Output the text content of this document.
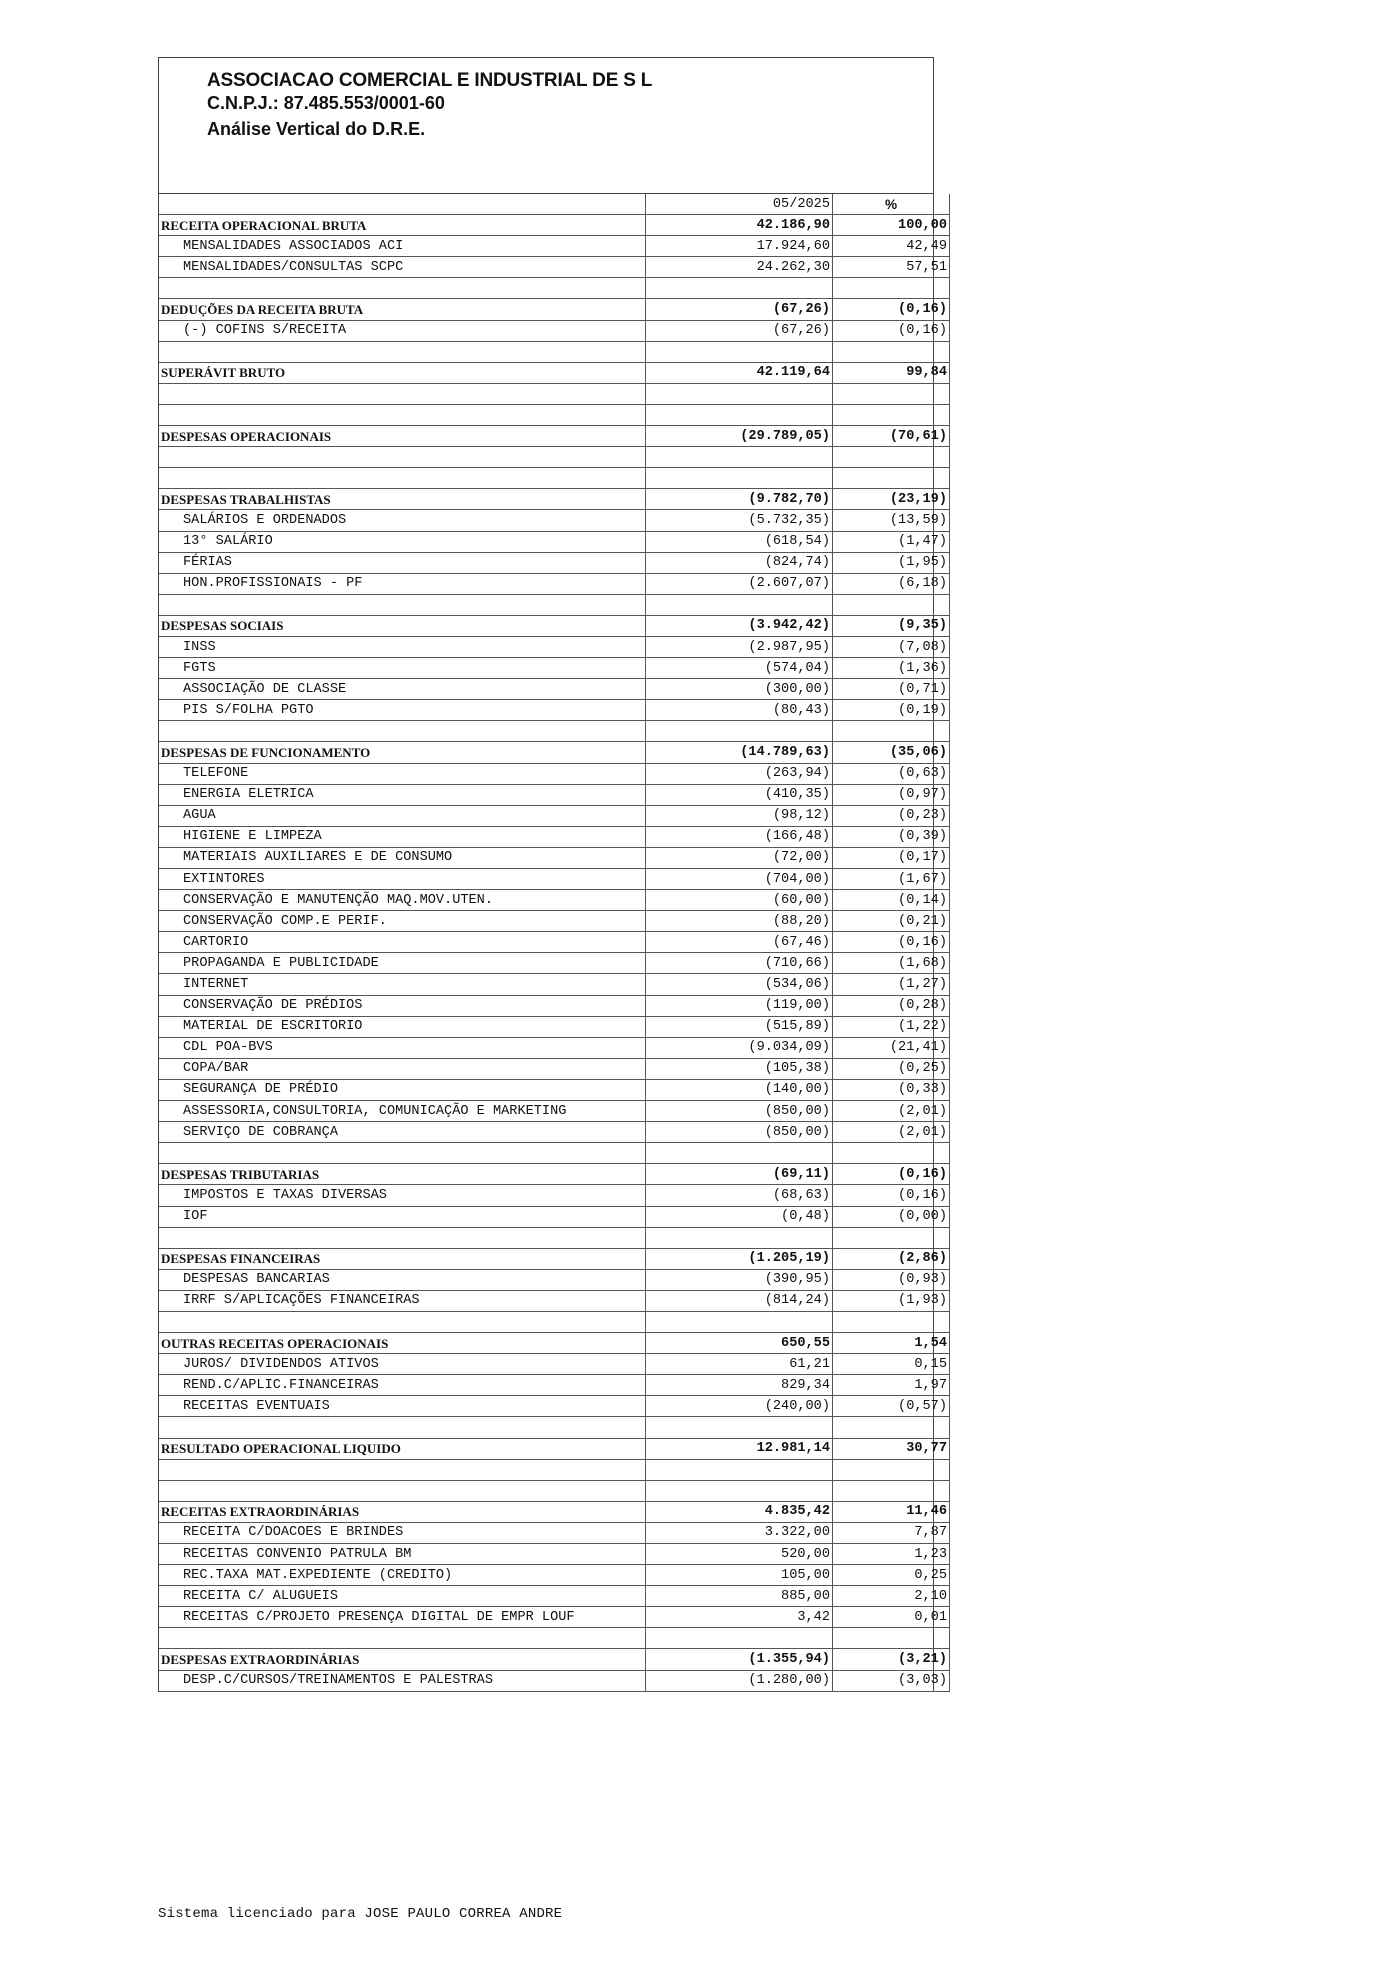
ASSOCIACAO COMERCIAL E INDUSTRIAL DE S L
C.N.P.J.: 87.485.553/0001-60
Análise Vertical do D.R.E.
	05/2025	%
RECEITA OPERACIONAL BRUTA	42.186,90	100,00
MENSALIDADES ASSOCIADOS ACI	17.924,60	42,49
MENSALIDADES/CONSULTAS SCPC	24.262,30	57,51

DEDUÇÕES DA RECEITA BRUTA	(67,26)	(0,16)
(-) COFINS S/RECEITA	(67,26)	(0,16)

SUPERÁVIT BRUTO	42.119,64	99,84

DESPESAS OPERACIONAIS	(29.789,05)	(70,61)

DESPESAS TRABALHISTAS	(9.782,70)	(23,19)
SALÁRIOS E ORDENADOS	(5.732,35)	(13,59)
13° SALÁRIO	(618,54)	(1,47)
FÉRIAS	(824,74)	(1,95)
HON.PROFISSIONAIS - PF	(2.607,07)	(6,18)

DESPESAS SOCIAIS	(3.942,42)	(9,35)
INSS	(2.987,95)	(7,08)
FGTS	(574,04)	(1,36)
ASSOCIAÇÃO DE CLASSE	(300,00)	(0,71)
PIS S/FOLHA PGTO	(80,43)	(0,19)

DESPESAS DE FUNCIONAMENTO	(14.789,63)	(35,06)
TELEFONE	(263,94)	(0,63)
ENERGIA ELETRICA	(410,35)	(0,97)
AGUA	(98,12)	(0,23)
HIGIENE E LIMPEZA	(166,48)	(0,39)
MATERIAIS AUXILIARES E DE CONSUMO	(72,00)	(0,17)
EXTINTORES	(704,00)	(1,67)
CONSERVAÇÃO E MANUTENÇÃO MAQ.MOV.UTEN.	(60,00)	(0,14)
CONSERVAÇÃO COMP.E PERIF.	(88,20)	(0,21)
CARTORIO	(67,46)	(0,16)
PROPAGANDA E PUBLICIDADE	(710,66)	(1,68)
INTERNET	(534,06)	(1,27)
CONSERVAÇÃO DE PRÉDIOS	(119,00)	(0,28)
MATERIAL DE ESCRITORIO	(515,89)	(1,22)
CDL POA-BVS	(9.034,09)	(21,41)
COPA/BAR	(105,38)	(0,25)
SEGURANÇA DE PRÉDIO	(140,00)	(0,33)
ASSESSORIA,CONSULTORIA, COMUNICAÇÃO E MARKETING	(850,00)	(2,01)
SERVIÇO DE COBRANÇA	(850,00)	(2,01)

DESPESAS TRIBUTARIAS	(69,11)	(0,16)
IMPOSTOS E TAXAS DIVERSAS	(68,63)	(0,16)
IOF	(0,48)	(0,00)

DESPESAS FINANCEIRAS	(1.205,19)	(2,86)
DESPESAS BANCARIAS	(390,95)	(0,93)
IRRF S/APLICAÇÕES FINANCEIRAS	(814,24)	(1,93)

OUTRAS RECEITAS OPERACIONAIS	650,55	1,54
JUROS/ DIVIDENDOS ATIVOS	61,21	0,15
REND.C/APLIC.FINANCEIRAS	829,34	1,97
RECEITAS EVENTUAIS	(240,00)	(0,57)

RESULTADO OPERACIONAL LIQUIDO	12.981,14	30,77

RECEITAS EXTRAORDINÁRIAS	4.835,42	11,46
RECEITA C/DOACOES E BRINDES	3.322,00	7,87
RECEITAS CONVENIO PATRULA BM	520,00	1,23
REC.TAXA MAT.EXPEDIENTE (CREDITO)	105,00	0,25
RECEITA C/ ALUGUEIS	885,00	2,10
RECEITAS C/PROJETO PRESENÇA DIGITAL DE EMPR LOUF	3,42	0,01

DESPESAS EXTRAORDINÁRIAS	(1.355,94)	(3,21)
DESP.C/CURSOS/TREINAMENTOS E PALESTRAS	(1.280,00)	(3,03)
Sistema licenciado para JOSE PAULO CORREA ANDRE
